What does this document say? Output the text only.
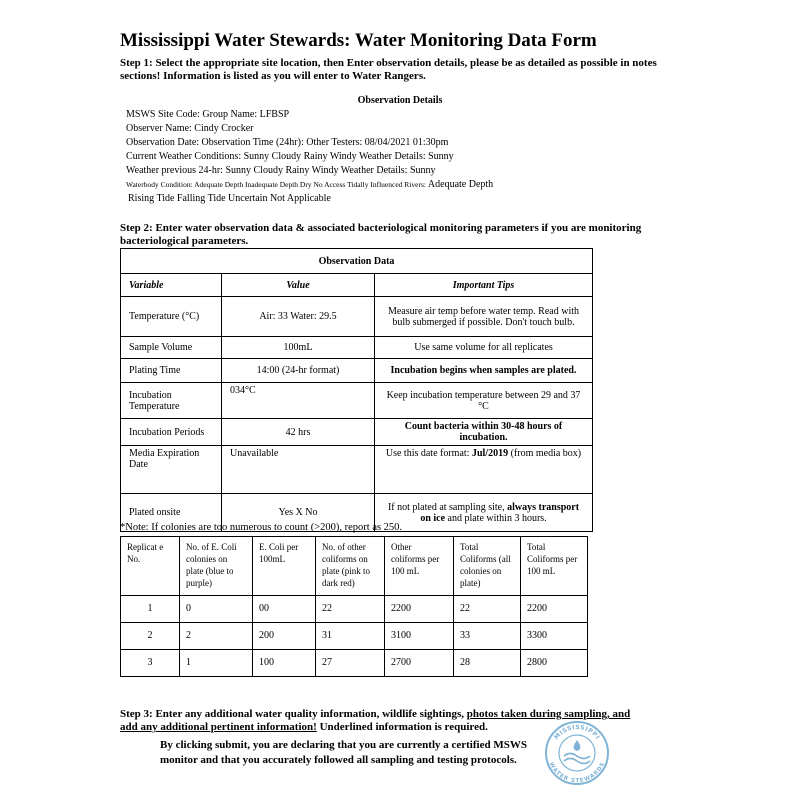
Mississippi Water Stewards: Water Monitoring Data Form
Step 1: Select the appropriate site location, then Enter observation details, please be as detailed as possible in notes sections! Information is listed as you will enter to Water Rangers.
Observation Details
MSWS Site Code: Group Name: LFBSP
Observer Name: Cindy Crocker
Observation Date: Observation Time (24hr): Other Testers: 08/04/2021 01:30pm
Current Weather Conditions: Sunny Cloudy Rainy Windy Weather Details: Sunny
Weather previous 24-hr: Sunny Cloudy Rainy Windy Weather Details: Sunny
Waterbody Condition: Adequate Depth Inadequate Depth Dry No Access Tidally Influenced Rivers: Adequate Depth
Rising Tide Falling Tide Uncertain Not Applicable
Step 2: Enter water observation data & associated bacteriological monitoring parameters if you are monitoring bacteriological parameters.
Observation Data		
Variable	Value	Important Tips
Temperature (°C)	Air: 33 Water: 29.5	Measure air temp before water temp. Read with bulb submerged if possible. Don't touch bulb.
Sample Volume	100mL	Use same volume for all replicates
Plating Time	14:00 (24-hr format)	Incubation begins when samples are plated.
Incubation Temperature	034°C	Keep incubation temperature between 29 and 37 °C
Incubation Periods	42 hrs	Count bacteria within 30-48 hours of incubation.
Media Expiration Date	Unavailable	Use this date format: Jul/2019 (from media box)
Plated onsite	Yes X No	If not plated at sampling site, always transport on ice and plate within 3 hours.
*Note: If colonies are too numerous to count (>200), report as 250.
Replicat e No.	No. of E. Coli colonies on plate (blue to purple)	E. Coli per 100mL	No. of other coliforms on plate (pink to dark red)	Other coliforms per 100 mL	Total Coliforms (all colonies on plate)	Total Coliforms per 100 mL
1	0	00	22	2200	22	2200
2	2	200	31	3100	33	3300
3	1	100	27	2700	28	2800
Step 3: Enter any additional water quality information, wildlife sightings, photos taken during sampling, and add any additional pertinent information! Underlined information is required.
By clicking submit, you are declaring that you are currently a certified MSWS monitor and that you accurately followed all sampling and testing protocols.
MISSISSIPPI
WATER STEWARDS
